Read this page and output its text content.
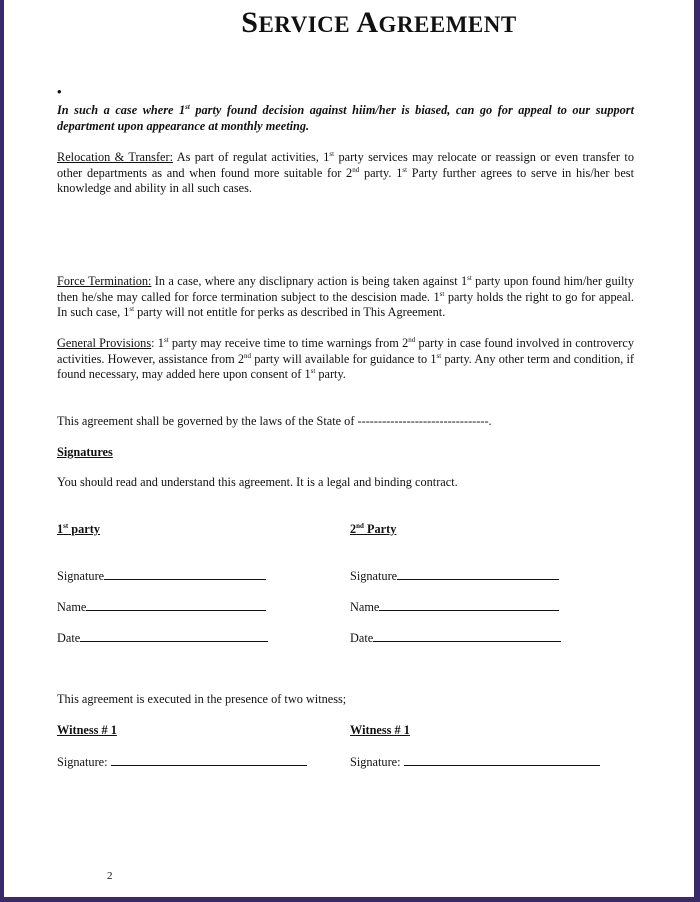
SERVICE AGREEMENT
•
In such a case where 1st party found decision against hiim/her is biased, can go for appeal to our support department upon appearance at monthly meeting.
Relocation & Transfer: As part of regulat activities, 1st party services may relocate or reassign or even transfer to other departments as and when found more suitable for 2nd party. 1st Party further agrees to serve in his/her best knowledge and ability in all such cases.
Force Termination: In a case, where any disclipnary action is being taken against 1st party upon found him/her guilty then he/she may called for force termination subject to the descision made. 1st party holds the right to go for appeal. In such case, 1st party will not entitle for perks as described in This Agreement.
General Provisions: 1st party may receive time to time warnings from 2nd party in case found involved in controvercy activities. However, assistance from 2nd party will available for guidance to 1st party. Any other term and condition, if found necessary, may added here upon consent of 1st party.
This agreement shall be governed by the laws of the State of --------------------------------.
Signatures
You should read and understand this agreement. It is a legal and binding contract.
1st party	2nd Party
Signature	Signature
Name	Name
Date	Date
This agreement is executed in the presence of two witness;
Witness # 1	Witness # 1
Signature:	Signature:
2
